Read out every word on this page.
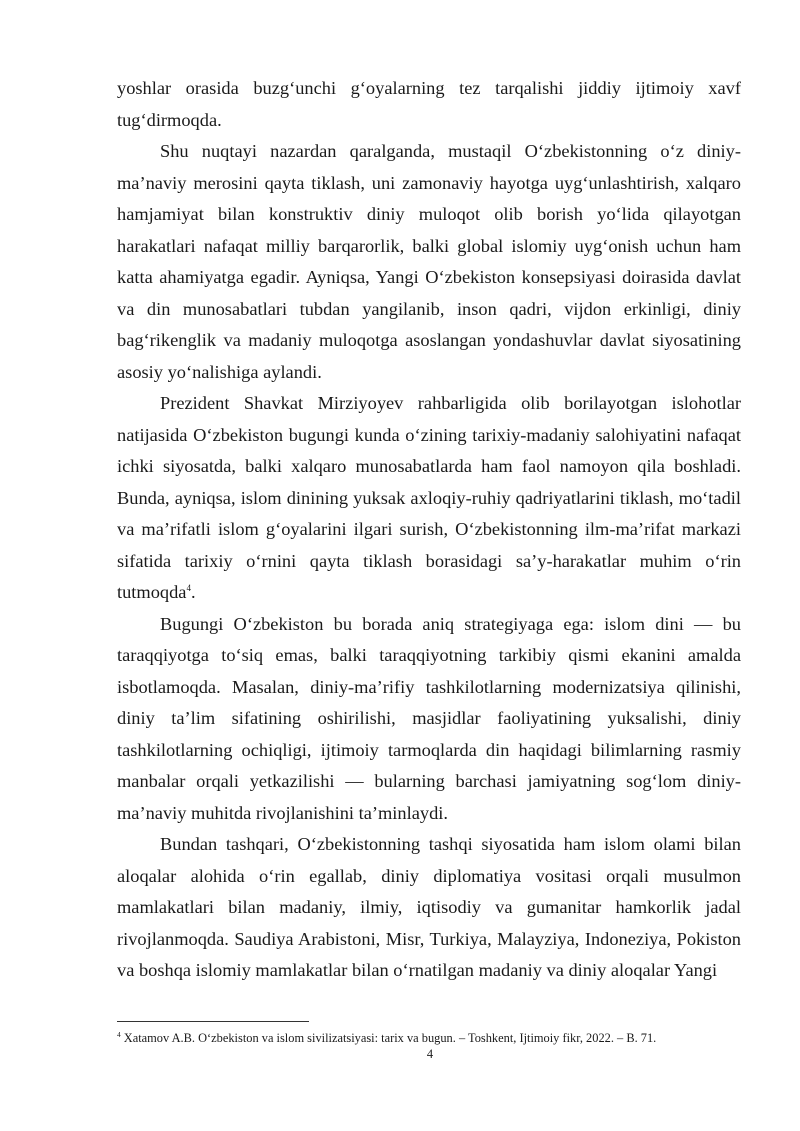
yoshlar orasida buzg‘unchi g‘oyalarning tez tarqalishi jiddiy ijtimoiy xavf tug‘dirmoqda.

Shu nuqtayi nazardan qaralganda, mustaqil O‘zbekistonning o‘z diniy-ma’naviy merosini qayta tiklash, uni zamonaviy hayotga uyg‘unlashtirish, xalqaro hamjamiyat bilan konstruktiv diniy muloqot olib borish yo‘lida qilayotgan harakatlari nafaqat milliy barqarorlik, balki global islomiy uyg‘onish uchun ham katta ahamiyatga egadir. Ayniqsa, Yangi O‘zbekiston konsepsiyasi doirasida davlat va din munosabatlari tubdan yangilanib, inson qadri, vijdon erkinligi, diniy bag‘rikenglik va madaniy muloqotga asoslangan yondashuvlar davlat siyosatining asosiy yo‘nalishiga aylandi.

Prezident Shavkat Mirziyoyev rahbarligida olib borilayotgan islohotlar natijasida O‘zbekiston bugungi kunda o‘zining tarixiy-madaniy salohiyatini nafaqat ichki siyosatda, balki xalqaro munosabatlarda ham faol namoyon qila boshladi. Bunda, ayniqsa, islom dinining yuksak axloqiy-ruhiy qadriyatlarini tiklash, mo‘tadil va ma’rifatli islom g‘oyalarini ilgari surish, O‘zbekistonning ilm-ma’rifat markazi sifatida tarixiy o‘rnini qayta tiklash borasidagi sa’y-harakatlar muhim o‘rin tutmoqda$^4$.

Bugungi O‘zbekiston bu borada aniq strategiyaga ega: islom dini — bu taraqqiyotga to‘siq emas, balki taraqqiyotning tarkibiy qismi ekanini amalda isbotlamoqda. Masalan, diniy-ma’rifiy tashkilotlarning modernizatsiya qilinishi, diniy ta’lim sifatining oshirilishi, masjidlar faoliyatining yuksalishi, diniy tashkilotlarning ochiqligi, ijtimoiy tarmoqlarda din haqidagi bilimlarning rasmiy manbalar orqali yetkazilishi — bularning barchasi jamiyatning sog‘lom diniy-ma’naviy muhitda rivojlanishini ta’minlaydi.

Bundan tashqari, O‘zbekistonning tashqi siyosatida ham islom olami bilan aloqalar alohida o‘rin egallab, diniy diplomatiya vositasi orqali musulmon mamlakatlari bilan madaniy, ilmiy, iqtisodiy va gumanitar hamkorlik jadal rivojlanmoqda. Saudiya Arabistoni, Misr, Turkiya, Malayziya, Indoneziya, Pokiston va boshqa islomiy mamlakatlar bilan o‘rnatilgan madaniy va diniy aloqalar Yangi

$^4$ Xatamov A.B. O‘zbekiston va islom sivilizatsiyasi: tarix va bugun. – Toshkent, Ijtimoiy fikr, 2022. – B. 71.
4
